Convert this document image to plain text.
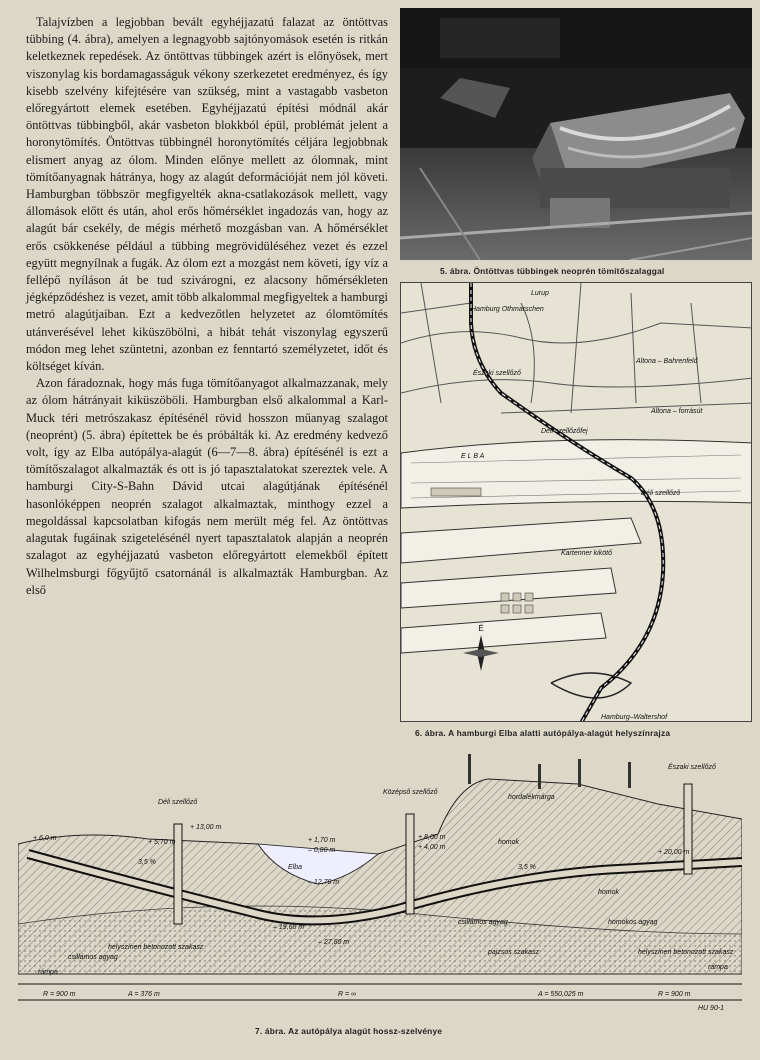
Talajvízben a legjobban bevált egyhéjjazatú falazat az öntöttvas tübbing (4. ábra), amelyen a legnagyobb sajtónyomások esetén is ritkán keletkeznek repedések. Az öntöttvas tübbingek azért is előnyösek, mert viszonylag kis bordamagasságuk vékony szerkezetet eredményez, és így kisebb szelvény kifejtésére van szükség, mint a vastagabb vasbeton előregyártott elemek esetében. Egyhéjjazatú építési módnál akár öntöttvas tübbingből, akár vasbeton blokkból épül, problémát jelent a horonytömítés. Öntöttvas tübbingnél horonytömítés céljára legjobbnak elismert anyag az ólom. Minden előnye mellett az ólomnak, mint tömítőanyagnak hátránya, hogy az alagút deformációját nem jól követi. Hamburgban többször megfigyelték akna-csatlakozások mellett, vagy állomások előtt és után, ahol erős hőmérséklet ingadozás van, hogy az alagút bár csekély, de mégis mérhető mozgásban van. A hőmérséklet erős csökkenése például a tübbing megrövidüléséhez vezet és ezzel együtt megnyílnak a fugák. Az ólom ezt a mozgást nem követi, így víz a fellépő nyíláson át be tud szivárogni, ez alacsony hőmérsékleten jégképződéshez is vezet, amit több alkalommal megfigyeltek a hamburgi metró alagútjaiban. Ezt a kedvezőtlen helyzetet az ólomtömítés utánverésével lehet kiküszöbölni, a hibát tehát viszonylag egyszerű módon meg lehet szüntetni, azonban ez fenntartó személyzetet, időt és költséget kíván.

Azon fáradoznak, hogy más fuga tömítőanyagot alkalmazzanak, mely az ólom hátrányait kiküszöböli. Hamburgban első alkalommal a Karl-Muck téri metrószakasz építésénél rövid hosszon műanyag szalagot (neoprént) (5. ábra) építettek be és próbálták ki. Az eredmény kedvező volt, így az Elba autópálya-alagút (6—7—8. ábra) építésénél is ezt a tömítőszalagot alkalmazták és ott is jó tapasztalatokat szereztek vele. A hamburgi City-S-Bahn Dávid utcai alagútjának építésénél hasonlóképpen neoprén szalagot alkalmaztak, minthogy ezzel a megoldással kapcsolatban kifogás nem merült még fel. Az öntöttvas alagutak fugáinak szigetelésénél nyert tapasztalatok alapján a neoprén szalagot az egyhéjjazatú vasbeton előregyártott elemekből épített Wilhelmsburgi főgyűjtő csatornánál is alkalmazták Hamburgban. Az első

5. ábra. Öntöttvas tübbingek neoprén tömítőszalaggal
É
Lurup
Hamburg Othmarschen
Északi szellőző
Altona – Bahrenfeld
Altona – forrásút
Déli szellőzőfej
E L B A
Déli szellőző
Kartenner kikötő
Hamburg–Waltershof
6. ábra. A hamburgi Elba alatti autópálya-alagút helyszínrajza
Déli szellőző
Középső szellőző
Északi szellőző
Elba
hordalékmárga
homok
homok
homokos agyag
csillámos agyag
csillámos agyag
pajzsos szakasz
helyszínen betonozott szakasz
helyszínen betonozott szakasz
rámpa
rámpa
R = 900 m	A = 376 m	R = ∞	A = 550,025 m	R = 900 m
+ 6,0 m
+ 20,00 m
+ 13,00 m
+ 5,70 m
+ 8,00 m
+ 4,00 m
+ 1,70 m
– 0,80 m
– 12,70 m
– 27,80 m
– 19,60 m
3,5 %
3,5 %
HU 90-1
7. ábra. Az autópálya alagút hossz-szelvénye
